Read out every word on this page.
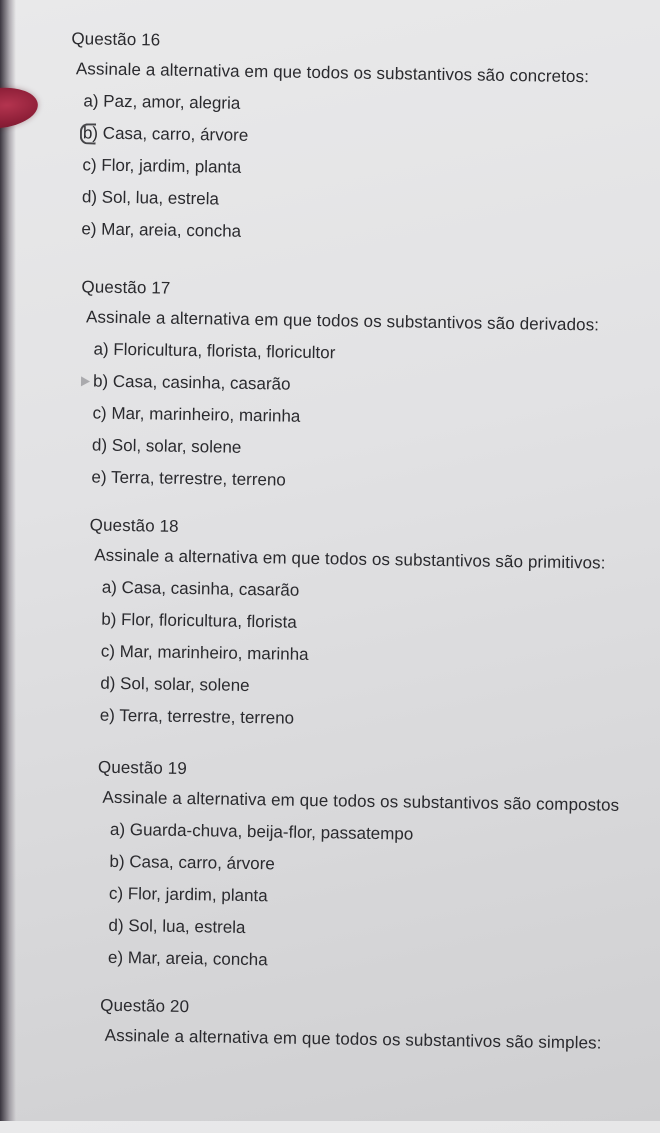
Questão 16
Assinale a alternativa em que todos os substantivos são concretos:
a) Paz, amor, alegria
b) Casa, carro, árvore
c) Flor, jardim, planta
d) Sol, lua, estrela
e) Mar, areia, concha
Questão 17
Assinale a alternativa em que todos os substantivos são derivados:
a) Floricultura, florista, floricultor
b) Casa, casinha, casarão
c) Mar, marinheiro, marinha
d) Sol, solar, solene
e) Terra, terrestre, terreno
Questão 18
Assinale a alternativa em que todos os substantivos são primitivos:
a) Casa, casinha, casarão
b) Flor, floricultura, florista
c) Mar, marinheiro, marinha
d) Sol, solar, solene
e) Terra, terrestre, terreno
Questão 19
Assinale a alternativa em que todos os substantivos são compostos
a) Guarda-chuva, beija-flor, passatempo
b) Casa, carro, árvore
c) Flor, jardim, planta
d) Sol, lua, estrela
e) Mar, areia, concha
Questão 20
Assinale a alternativa em que todos os substantivos são simples:
